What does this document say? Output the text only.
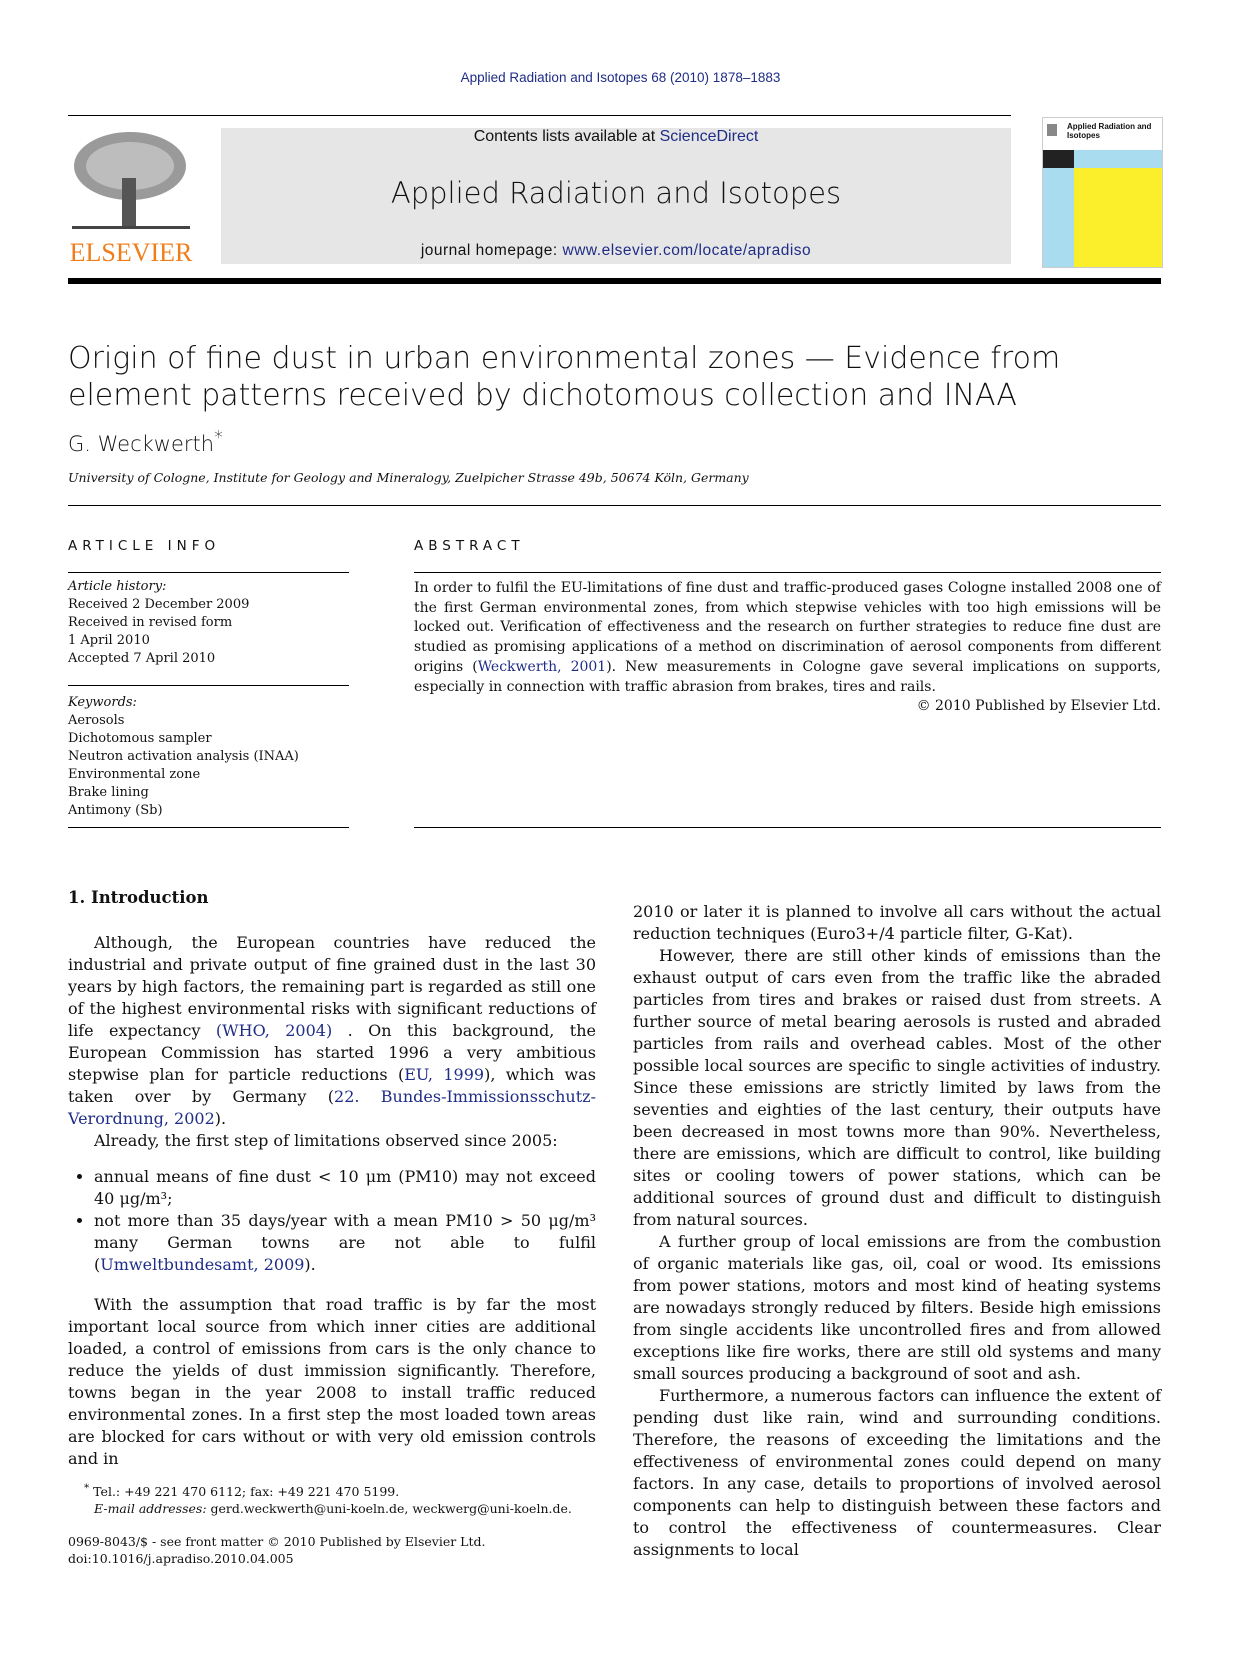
Applied Radiation and Isotopes 68 (2010) 1878–1883
ELSEVIER
Contents lists available at ScienceDirect
Applied Radiation and Isotopes
journal homepage: www.elsevier.com/locate/apradiso
Applied Radiation and Isotopes
Origin of fine dust in urban environmental zones — Evidence from element patterns received by dichotomous collection and INAA
G. Weckwerth*
University of Cologne, Institute for Geology and Mineralogy, Zuelpicher Strasse 49b, 50674 Köln, Germany
ARTICLE INFO
Article history:
Received 2 December 2009
Received in revised form
1 April 2010
Accepted 7 April 2010
Keywords:
Aerosols
Dichotomous sampler
Neutron activation analysis (INAA)
Environmental zone
Brake lining
Antimony (Sb)
ABSTRACT
In order to fulfil the EU-limitations of fine dust and traffic-produced gases Cologne installed 2008 one of the first German environmental zones, from which stepwise vehicles with too high emissions will be locked out. Verification of effectiveness and the research on further strategies to reduce fine dust are studied as promising applications of a method on discrimination of aerosol components from different origins (Weckwerth, 2001). New measurements in Cologne gave several implications on supports, especially in connection with traffic abrasion from brakes, tires and rails.
© 2010 Published by Elsevier Ltd.
1. Introduction

Although, the European countries have reduced the industrial and private output of fine grained dust in the last 30 years by high factors, the remaining part is regarded as still one of the highest environmental risks with significant reductions of life expectancy (WHO, 2004) . On this background, the European Commission has started 1996 a very ambitious stepwise plan for particle reductions (EU, 1999), which was taken over by Germany (22. Bundes-Immissionsschutz-Verordnung, 2002).

Already, the first step of limitations observed since 2005:

• annual means of fine dust < 10 μm (PM10) may not exceed 40 μg/m³;
• not more than 35 days/year with a mean PM10 > 50 μg/m³ many German towns are not able to fulfil (Umweltbundesamt, 2009).

With the assumption that road traffic is by far the most important local source from which inner cities are additional loaded, a control of emissions from cars is the only chance to reduce the yields of dust immission significantly. Therefore, towns began in the year 2008 to install traffic reduced environmental zones. In a first step the most loaded town areas are blocked for cars without or with very old emission controls and in

2010 or later it is planned to involve all cars without the actual reduction techniques (Euro3+/4 particle filter, G-Kat).

However, there are still other kinds of emissions than the exhaust output of cars even from the traffic like the abraded particles from tires and brakes or raised dust from streets. A further source of metal bearing aerosols is rusted and abraded particles from rails and overhead cables. Most of the other possible local sources are specific to single activities of industry. Since these emissions are strictly limited by laws from the seventies and eighties of the last century, their outputs have been decreased in most towns more than 90%. Nevertheless, there are emissions, which are difficult to control, like building sites or cooling towers of power stations, which can be additional sources of ground dust and difficult to distinguish from natural sources.

A further group of local emissions are from the combustion of organic materials like gas, oil, coal or wood. Its emissions from power stations, motors and most kind of heating systems are nowadays strongly reduced by filters. Beside high emissions from single accidents like uncontrolled fires and from allowed exceptions like fire works, there are still old systems and many small sources producing a background of soot and ash.

Furthermore, a numerous factors can influence the extent of pending dust like rain, wind and surrounding conditions. Therefore, the reasons of exceeding the limitations and the effectiveness of environmental zones could depend on many factors. In any case, details to proportions of involved aerosol components can help to distinguish between these factors and to control the effectiveness of countermeasures. Clear assignments to local

* Tel.: +49 221 470 6112; fax: +49 221 470 5199.
E-mail addresses: gerd.weckwerth@uni-koeln.de, weckwerg@uni-koeln.de.
0969-8043/$ - see front matter © 2010 Published by Elsevier Ltd.
doi:10.1016/j.apradiso.2010.04.005
